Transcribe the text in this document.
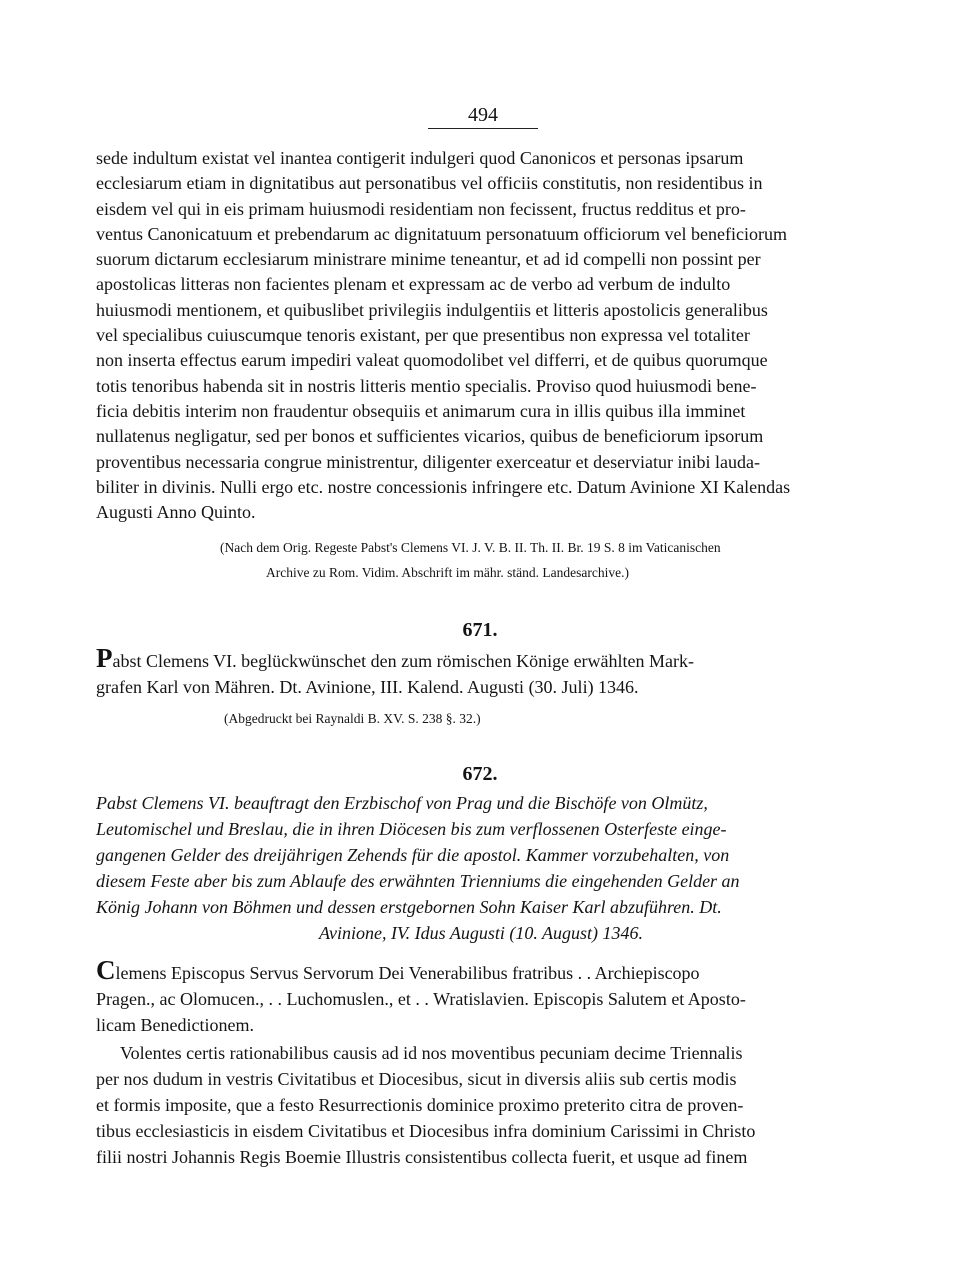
494
sede indultum existat vel inantea contigerit indulgeri quod Canonicos et personas ipsarum
ecclesiarum etiam in dignitatibus aut personatibus vel officiis constitutis, non residentibus in
eisdem vel qui in eis primam huiusmodi residentiam non fecissent, fructus redditus et pro-
ventus Canonicatuum et prebendarum ac dignitatuum personatuum officiorum vel beneficiorum
suorum dictarum ecclesiarum ministrare minime teneantur, et ad id compelli non possint per
apostolicas litteras non facientes plenam et expressam ac de verbo ad verbum de indulto
huiusmodi mentionem, et quibuslibet privilegiis indulgentiis et litteris apostolicis generalibus
vel specialibus cuiuscumque tenoris existant, per que presentibus non expressa vel totaliter
non inserta effectus earum impediri valeat quomodolibet vel differri, et de quibus quorumque
totis tenoribus habenda sit in nostris litteris mentio specialis. Proviso quod huiusmodi bene-
ficia debitis interim non fraudentur obsequiis et animarum cura in illis quibus illa imminet
nullatenus negligatur, sed per bonos et sufficientes vicarios, quibus de beneficiorum ipsorum
proventibus necessaria congrue ministrentur, diligenter exerceatur et deserviatur inibi lauda-
biliter in divinis. Nulli ergo etc. nostre concessionis infringere etc. Datum Avinione XI Kalendas
Augusti Anno Quinto.
(Nach dem Orig. Regeste Pabst's Clemens VI. J. V. B. II. Th. II. Br. 19 S. 8 im Vaticanischen
Archive zu Rom. Vidim. Abschrift im mähr. ständ. Landesarchive.)
671.
Pabst Clemens VI. beglückwünschet den zum römischen Könige erwählten Mark-
grafen Karl von Mähren. Dt. Avinione, III. Kalend. Augusti (30. Juli) 1346.
(Abgedruckt bei Raynaldi B. XV. S. 238 §. 32.)
672.
Pabst Clemens VI. beauftragt den Erzbischof von Prag und die Bischöfe von Olmütz,
Leutomischel und Breslau, die in ihren Diöcesen bis zum verflossenen Osterfeste einge-
gangenen Gelder des dreijährigen Zehends für die apostol. Kammer vorzubehalten, von
diesem Feste aber bis zum Ablaufe des erwähnten Trienniums die eingehenden Gelder an
König Johann von Böhmen und dessen erstgebornen Sohn Kaiser Karl abzuführen. Dt.
Avinione, IV. Idus Augusti (10. August) 1346.
Clemens Episcopus Servus Servorum Dei Venerabilibus fratribus . . Archiepiscopo
Pragen., ac Olomucen., . . Luchomuslen., et . . Wratislavien. Episcopis Salutem et Aposto-
licam Benedictionem.
Volentes certis rationabilibus causis ad id nos moventibus pecuniam decime Triennalis
per nos dudum in vestris Civitatibus et Diocesibus, sicut in diversis aliis sub certis modis
et formis imposite, que a festo Resurrectionis dominice proximo preterito citra de proven-
tibus ecclesiasticis in eisdem Civitatibus et Diocesibus infra dominium Carissimi in Christo
filii nostri Johannis Regis Boemie Illustris consistentibus collecta fuerit, et usque ad finem
